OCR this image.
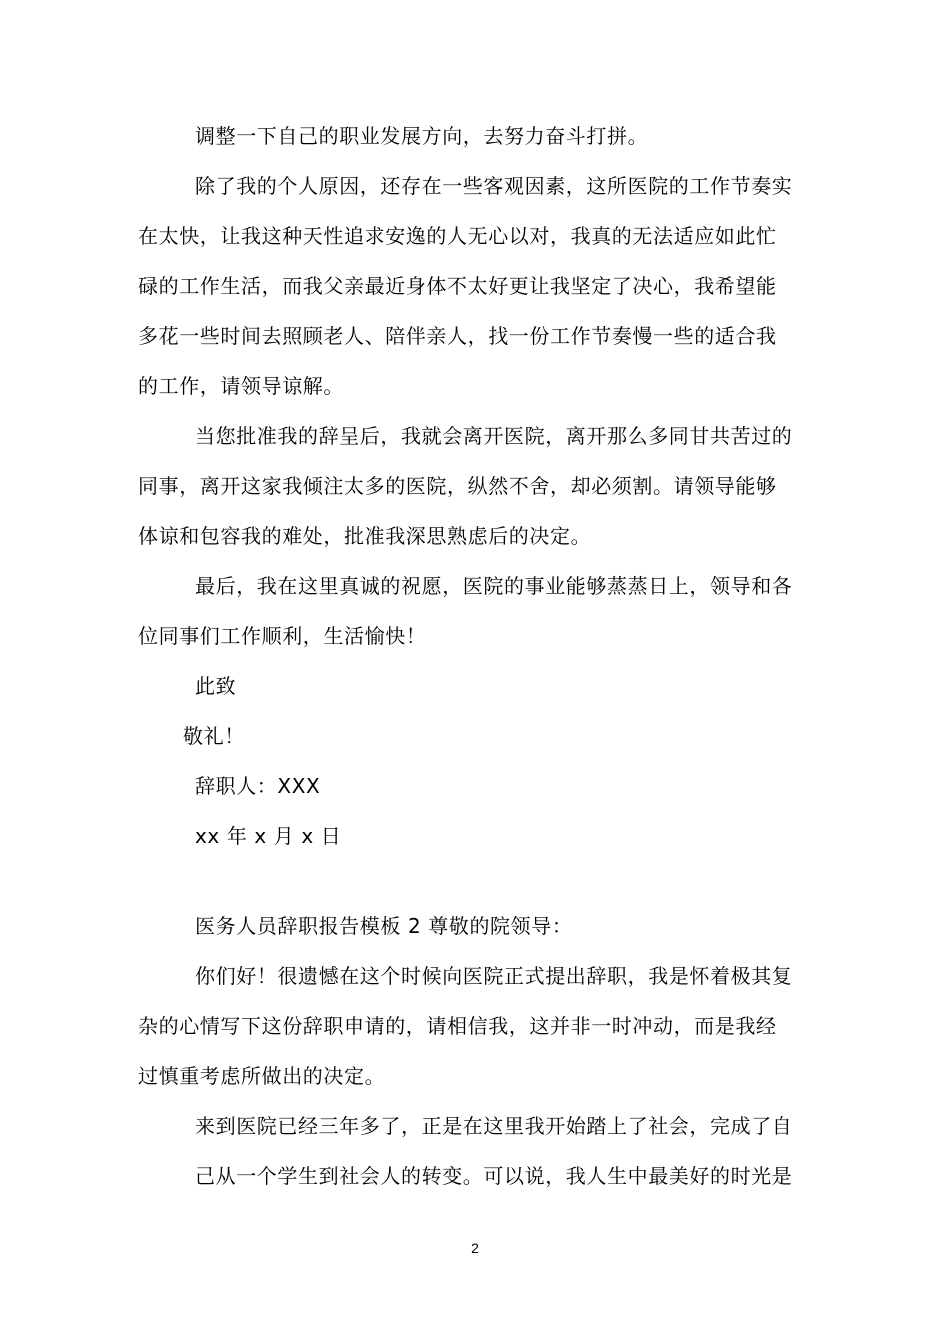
调整一下自己的职业发展方向，去努力奋斗打拼。
除了我的个人原因，还存在一些客观因素，这所医院的工作节奏实
在太快，让我这种天性追求安逸的人无心以对，我真的无法适应如此忙
碌的工作生活，而我父亲最近身体不太好更让我坚定了决心，我希望能
多花一些时间去照顾老人、陪伴亲人，找一份工作节奏慢一些的适合我
的工作，请领导谅解。
当您批准我的辞呈后，我就会离开医院，离开那么多同甘共苦过的
同事，离开这家我倾注太多的医院，纵然不舍，却必须割。请领导能够
体谅和包容我的难处，批准我深思熟虑后的决定。
最后，我在这里真诚的祝愿，医院的事业能够蒸蒸日上，领导和各
位同事们工作顺利，生活愉快！
此致
敬礼！
辞职人：XXX
xx 年 x 月 x 日
医务人员辞职报告模板 2 尊敬的院领导：
你们好！很遗憾在这个时候向医院正式提出辞职，我是怀着极其复
杂的心情写下这份辞职申请的，请相信我，这并非一时冲动，而是我经
过慎重考虑所做出的决定。
来到医院已经三年多了，正是在这里我开始踏上了社会，完成了自
己从一个学生到社会人的转变。可以说，我人生中最美好的时光是
2
